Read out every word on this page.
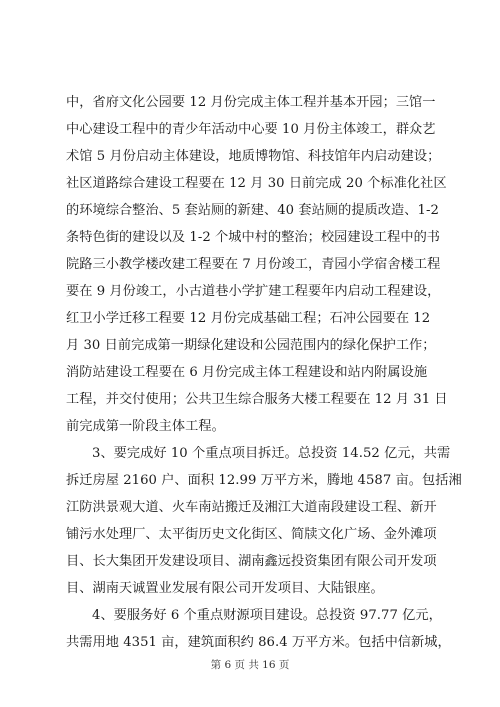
中，省府文化公园要 12 月份完成主体工程并基本开园；三馆一
中心建设工程中的青少年活动中心要 10 月份主体竣工，群众艺
术馆 5 月份启动主体建设，地质博物馆、科技馆年内启动建设；
社区道路综合建设工程要在 12 月 30 日前完成 20 个标准化社区
的环境综合整治、5 套站厕的新建、40 套站厕的提质改造、1-2
条特色街的建设以及 1-2 个城中村的整治；校园建设工程中的书
院路三小教学楼改建工程要在 7 月份竣工，青园小学宿舍楼工程
要在 9 月份竣工，小古道巷小学扩建工程要年内启动工程建设，
红卫小学迁移工程要 12 月份完成基础工程；石冲公园要在 12
月 30 日前完成第一期绿化建设和公园范围内的绿化保护工作；
消防站建设工程要在 6 月份完成主体工程建设和站内附属设施
工程，并交付使用；公共卫生综合服务大楼工程要在 12 月 31 日
前完成第一阶段主体工程。

3、要完成好 10 个重点项目拆迁。总投资 14.52 亿元，共需
拆迁房屋 2160 户、面积 12.99 万平方米，腾地 4587 亩。包括湘
江防洪景观大道、火车南站搬迁及湘江大道南段建设工程、新开
铺污水处理厂、太平街历史文化街区、简牍文化广场、金外滩项
目、长大集团开发建设项目、湖南鑫远投资集团有限公司开发项
目、湖南天诚置业发展有限公司开发项目、大陆银座。

4、要服务好 6 个重点财源项目建设。总投资 97.77 亿元，
共需用地 4351 亩，建筑面积约 86.4 万平方米。包括中信新城，

第 6 页 共 16 页
